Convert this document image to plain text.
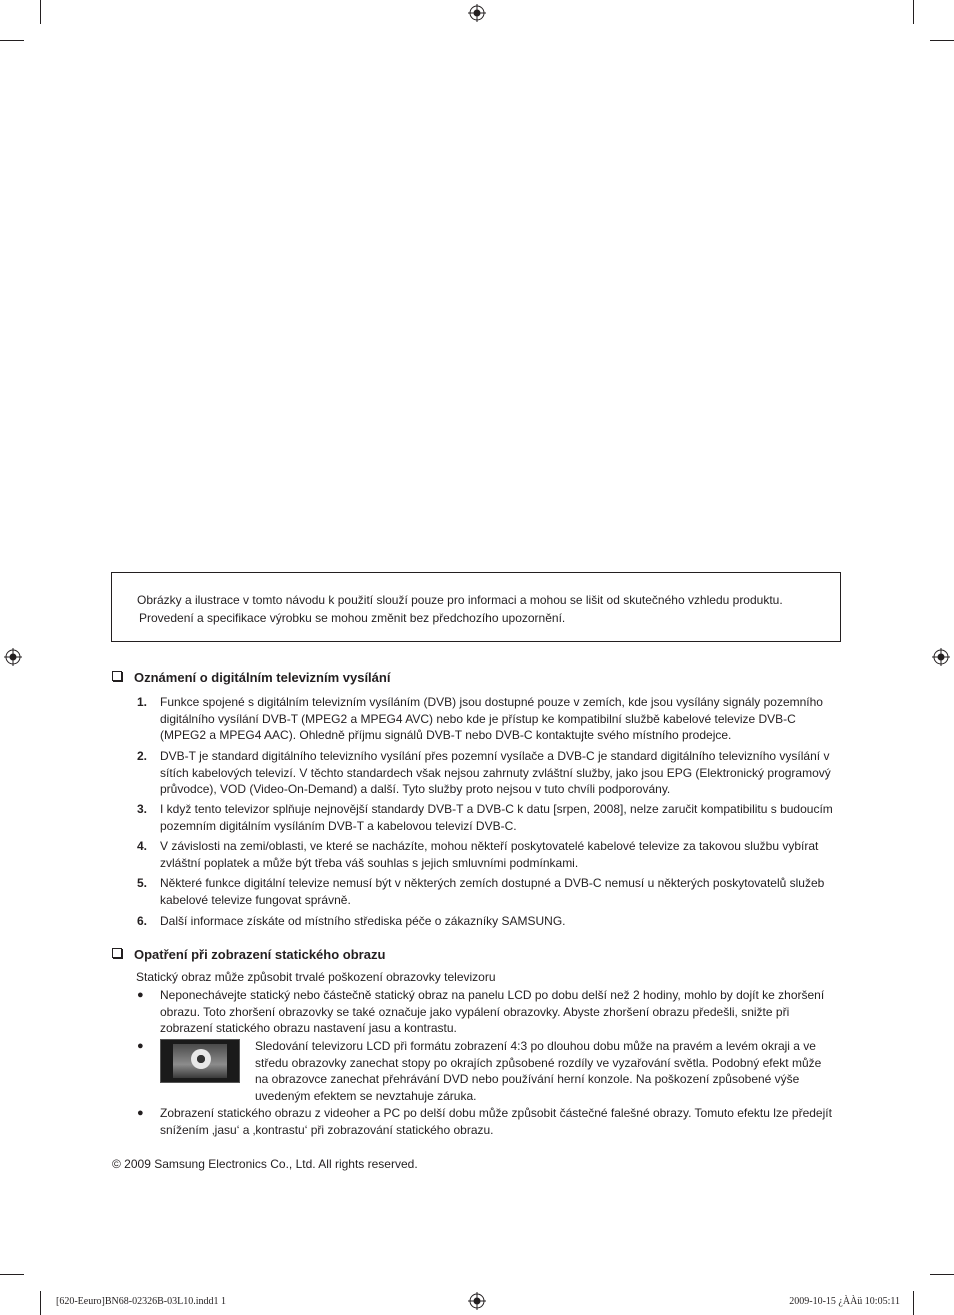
Obrázky a ilustrace v tomto návodu k použití slouží pouze pro informaci a mohou se lišit od skutečného vzhledu produktu.
Provedení a specifikace výrobku se mohou změnit bez předchozího upozornění.
Oznámení o digitálním televizním vysílání
1.	Funkce spojené s digitálním televizním vysíláním (DVB) jsou dostupné pouze v zemích, kde jsou vysílány signály pozemního digitálního vysílání DVB-T (MPEG2 a MPEG4 AVC) nebo kde je přístup ke kompatibilní službě kabelové televize DVB-C (MPEG2 a MPEG4 AAC). Ohledně příjmu signálů DVB-T nebo DVB-C kontaktujte svého místního prodejce.
2.	DVB-T je standard digitálního televizního vysílání přes pozemní vysílače a DVB-C je standard digitálního televizního vysílání v sítích kabelových televizí. V těchto standardech však nejsou zahrnuty zvláštní služby, jako jsou EPG (Elektronický programový průvodce), VOD (Video-On-Demand) a další. Tyto služby proto nejsou v tuto chvíli podporovány.
3.	I když tento televizor splňuje nejnovější standardy DVB-T a DVB-C k datu [srpen, 2008], nelze zaručit kompatibilitu s budoucím pozemním digitálním vysíláním DVB-T a kabelovou televizí DVB-C.
4.	V závislosti na zemi/oblasti, ve které se nacházíte, mohou někteří poskytovatelé kabelové televize za takovou službu vybírat zvláštní poplatek a může být třeba váš souhlas s jejich smluvními podmínkami.
5.	Některé funkce digitální televize nemusí být v některých zemích dostupné a DVB-C nemusí u některých poskytovatelů služeb kabelové televize fungovat správně.
6.	Další informace získáte od místního střediska péče o zákazníky SAMSUNG.
Opatření při zobrazení statického obrazu
Statický obraz může způsobit trvalé poškození obrazovky televizoru
● Neponechávejte statický nebo částečně statický obraz na panelu LCD po dobu delší než 2 hodiny, mohlo by dojít ke zhoršení obrazu. Toto zhoršení obrazovky se také označuje jako vypálení obrazovky. Abyste zhoršení obrazu předešli, snižte při zobrazení statického obrazu nastavení jasu a kontrastu.
●	Sledování televizoru LCD při formátu zobrazení 4:3 po dlouhou dobu může na pravém a levém okraji a ve středu obrazovky zanechat stopy po okrajích způsobené rozdíly ve vyzařování světla. Podobný efekt může na obrazovce zanechat přehrávání DVD nebo používání herní konzole. Na poškození způsobené výše uvedeným efektem se nevztahuje záruka.
● Zobrazení statického obrazu z videoher a PC po delší dobu může způsobit částečné falešné obrazy. Tomuto efektu lze předejít snížením ‚jasu‘ a ‚kontrastu‘ při zobrazování statického obrazu.
© 2009 Samsung Electronics Co., Ltd. All rights reserved.
[620-Eeuro]BN68-02326B-03L10.indd1 1	2009-10-15 ¿ÀÀü 10:05:11
